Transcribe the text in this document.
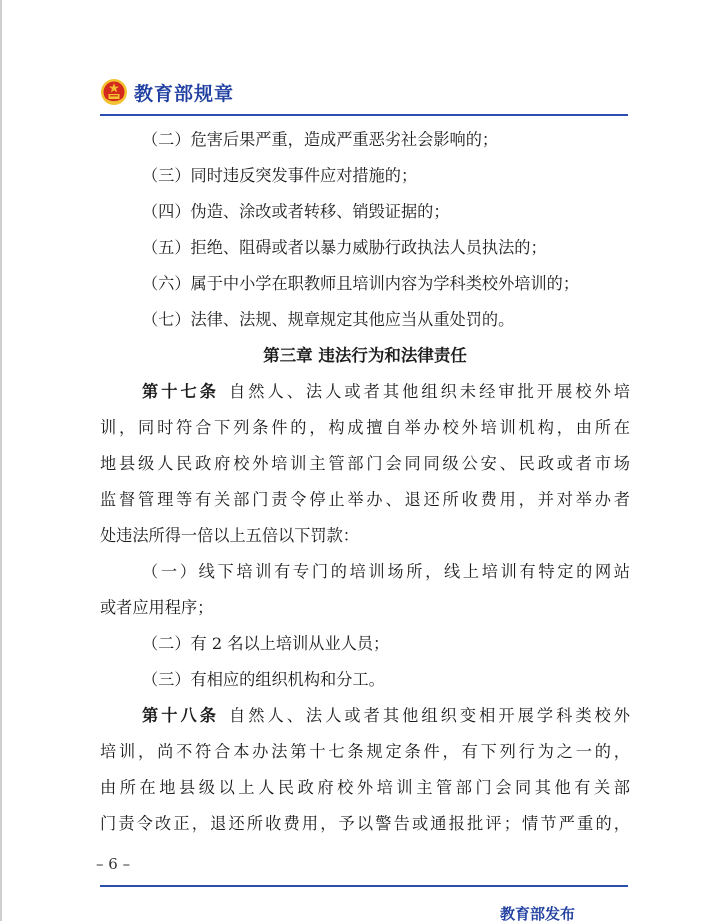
教育部规章
（二）危害后果严重，造成严重恶劣社会影响的；
（三）同时违反突发事件应对措施的；
（四）伪造、涂改或者转移、销毁证据的；
（五）拒绝、阻碍或者以暴力威胁行政执法人员执法的；
（六）属于中小学在职教师且培训内容为学科类校外培训的；
（七）法律、法规、规章规定其他应当从重处罚的。
第三章 违法行为和法律责任
第十七条 自然人、法人或者其他组织未经审批开展校外培
训，同时符合下列条件的，构成擅自举办校外培训机构，由所在
地县级人民政府校外培训主管部门会同同级公安、民政或者市场
监督管理等有关部门责令停止举办、退还所收费用，并对举办者
处违法所得一倍以上五倍以下罚款：
（一）线下培训有专门的培训场所，线上培训有特定的网站
或者应用程序；
（二）有 2 名以上培训从业人员；
（三）有相应的组织机构和分工。
第十八条 自然人、法人或者其他组织变相开展学科类校外
培训，尚不符合本办法第十七条规定条件，有下列行为之一的，
由所在地县级以上人民政府校外培训主管部门会同其他有关部
门责令改正，退还所收费用，予以警告或通报批评；情节严重的，
– 6 –
教育部发布
